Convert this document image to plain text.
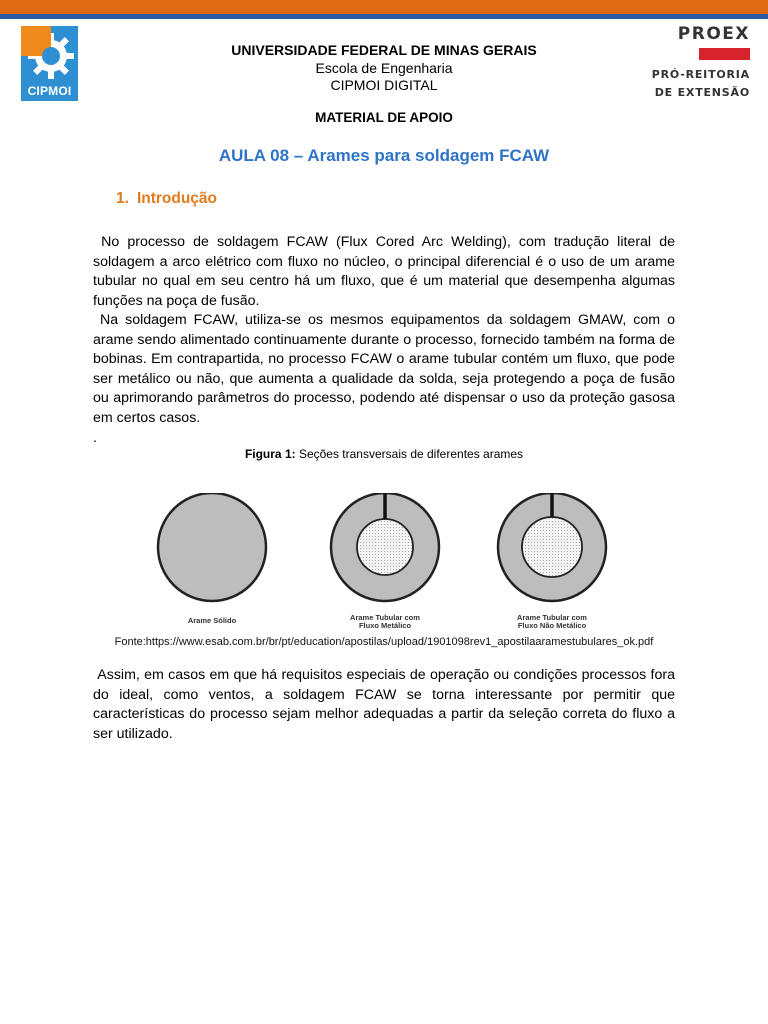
CIPMOI
PROEX
PRÓ-REITORIA
DE EXTENSÃO
UNIVERSIDADE FEDERAL DE MINAS GERAIS
Escola de Engenharia
CIPMOI DIGITAL
MATERIAL DE APOIO
AULA 08 – Arames para soldagem FCAW
1. Introdução

No processo de soldagem FCAW (Flux Cored Arc Welding), com tradução literal de soldagem a arco elétrico com fluxo no núcleo, o principal diferencial é o uso de um arame tubular no qual em seu centro há um fluxo, que é um material que desempenha algumas funções na poça de fusão.

Na soldagem FCAW, utiliza-se os mesmos equipamentos da soldagem GMAW, com o arame sendo alimentado continuamente durante o processo, fornecido também na forma de bobinas. Em contrapartida, no processo FCAW o arame tubular contém um fluxo, que pode ser metálico ou não, que aumenta a qualidade da solda, seja protegendo a poça de fusão ou aprimorando parâmetros do processo, podendo até dispensar o uso da proteção gasosa em certos casos.

.
Figura 1: Seções transversais de diferentes arames
Arame Sólido	Arame Tubular com
Fluxo Metálico
Arame Tubular com
Fluxo Não Metálico
Fonte:https://www.esab.com.br/br/pt/education/apostilas/upload/1901098rev1_apostilaaramestubulares_ok.pdf

Assim, em casos em que há requisitos especiais de operação ou condições processos fora do ideal, como ventos, a soldagem FCAW se torna interessante por permitir que características do processo sejam melhor adequadas a partir da seleção correta do fluxo a ser utilizado.
